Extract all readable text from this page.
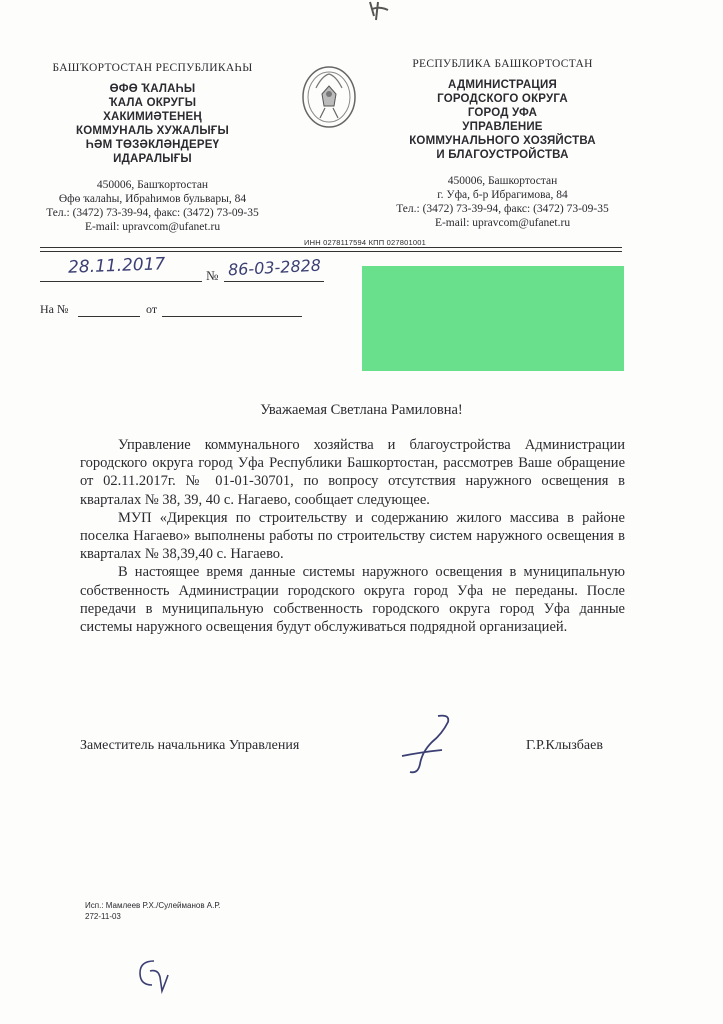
БАШҠОРТОСТАН РЕСПУБЛИКАҺЫ
ӨФӨ ҠАЛАҺЫ
ҠАЛА ОКРУГЫ
ХАКИМИӘТЕНЕҢ
КОММУНАЛЬ ХУЖАЛЫҒЫ
ҺӘМ ТӨЗӘКЛӘНДЕРЕҮ
ИДАРАЛЫҒЫ
450006, Башҡортостан
Өфө ҡалаһы, Ибраһимов бульвары, 84
Тел.: (3472) 73-39-94, факс: (3472) 73-09-35
E-mail: upravcom@ufanet.ru
РЕСПУБЛИКА БАШКОРТОСТАН
АДМИНИСТРАЦИЯ
ГОРОДСКОГО ОКРУГА
ГОРОД УФА
УПРАВЛЕНИЕ
КОММУНАЛЬНОГО ХОЗЯЙСТВА
И БЛАГОУСТРОЙСТВА
450006, Башкортостан
г. Уфа, б-р Ибрагимова, 84
Тел.: (3472) 73-39-94, факс: (3472) 73-09-35
E-mail: upravcom@ufanet.ru
ИНН 0278117594 КПП 027801001
28.11.2017	№ 86-03-2828
На №	от
Уважаемая Светлана Рамиловна!

Управление коммунального хозяйства и благоустройства Администрации городского округа город Уфа Республики Башкортостан, рассмотрев Ваше обращение от 02.11.2017г. № 01-01-30701, по вопросу отсутствия наружного освещения в кварталах № 38, 39, 40 с. Нагаево, сообщает следующее.

МУП «Дирекция по строительству и содержанию жилого массива в районе поселка Нагаево» выполнены работы по строительству систем наружного освещения в кварталах № 38,39,40 с. Нагаево.

В настоящее время данные системы наружного освещения в муниципальную собственность Администрации городского округа город Уфа не переданы. После передачи в муниципальную собственность городского округа город Уфа данные системы наружного освещения будут обслуживаться подрядной организацией.

Заместитель начальника Управления	Г.Р.Клызбаев
Исп.: Мамлеев Р.Х./Сулейманов А.Р.
272-11-03
